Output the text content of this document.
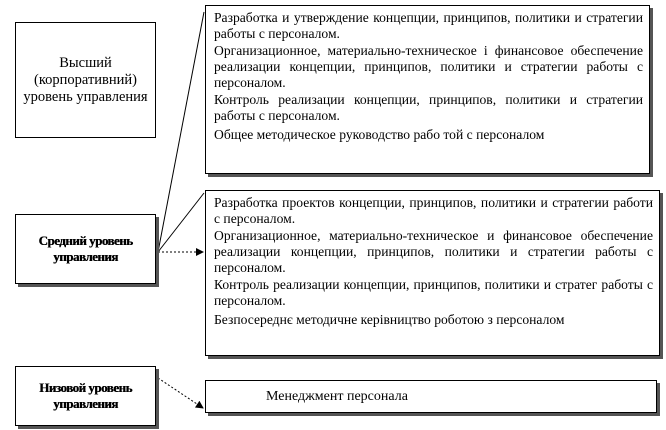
Высший (корпоративний) уровень управления
Средний уровень управления
Низовой уровень управления

Разработка и утверждение концепции, принципов, политики и стратегии работы с персоналом.

Организационное, материально-техническое і финансовое обеспечение реализации концепции, принципов, политики и стратегии работы с персоналом.

Контроль реализации концепции, принципов, политики и стратегии работы с персоналом.

Общее методическое руководство рабо той с персоналом

Разработка проектов концепции, принципов, политики и стратегии работи с персоналом.

Организационное, материально-техническое и финансовое обеспечение реализации концепции, принципов, политики и стратегии работы с персоналом.

Контроль реализации концепции, принципов, политики и стратег работы с персоналом.

Безпосереднє методичне керівництво роботою з персоналом

Менеджмент персонала
